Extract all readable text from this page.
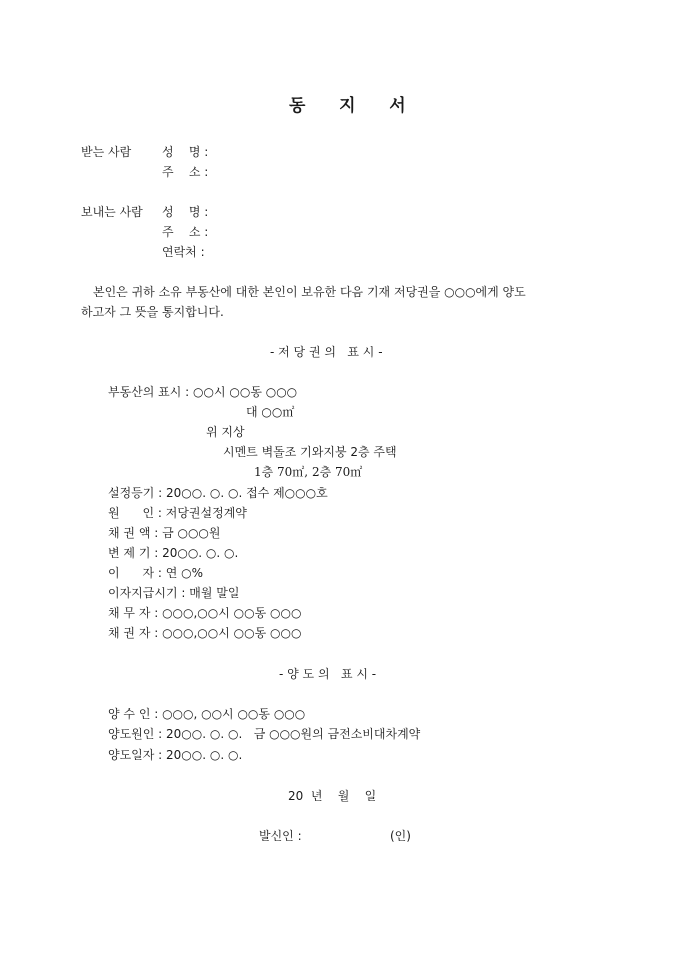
동    지    서
받는 사람	성    명 :
주    소 :
보내는 사람 성    명 :
주    소 :
연락처 :
본인은 귀하 소유 부동산에 대한 본인이 보유한 다음 기재 저당권을 ○○○에게 양도
하고자 그 뜻을 통지합니다.
- 저 당 권 의   표 시 -
부동산의 표시 : ○○시 ○○동 ○○○
대 ○○㎡
위 지상
시멘트 벽돌조 기와지붕 2층 주택
1층 70㎡, 2층 70㎡
설정등기 : 20○○. ○. ○. 접수 제○○○호
원      인 : 저당권설정계약
채 권 액 : 금 ○○○원
변 제 기 : 20○○. ○. ○.
이      자 : 연 ○%
이자지급시기 : 매월 말일
채 무 자 : ○○○,○○시 ○○동 ○○○
채 권 자 : ○○○,○○시 ○○동 ○○○
- 양 도 의   표 시 -
양 수 인 : ○○○, ○○시 ○○동 ○○○
양도원인 : 20○○. ○. ○.   금 ○○○원의 금전소비대차계약
양도일자 : 20○○. ○. ○.
20  년    월    일
발신인 :	(인)
